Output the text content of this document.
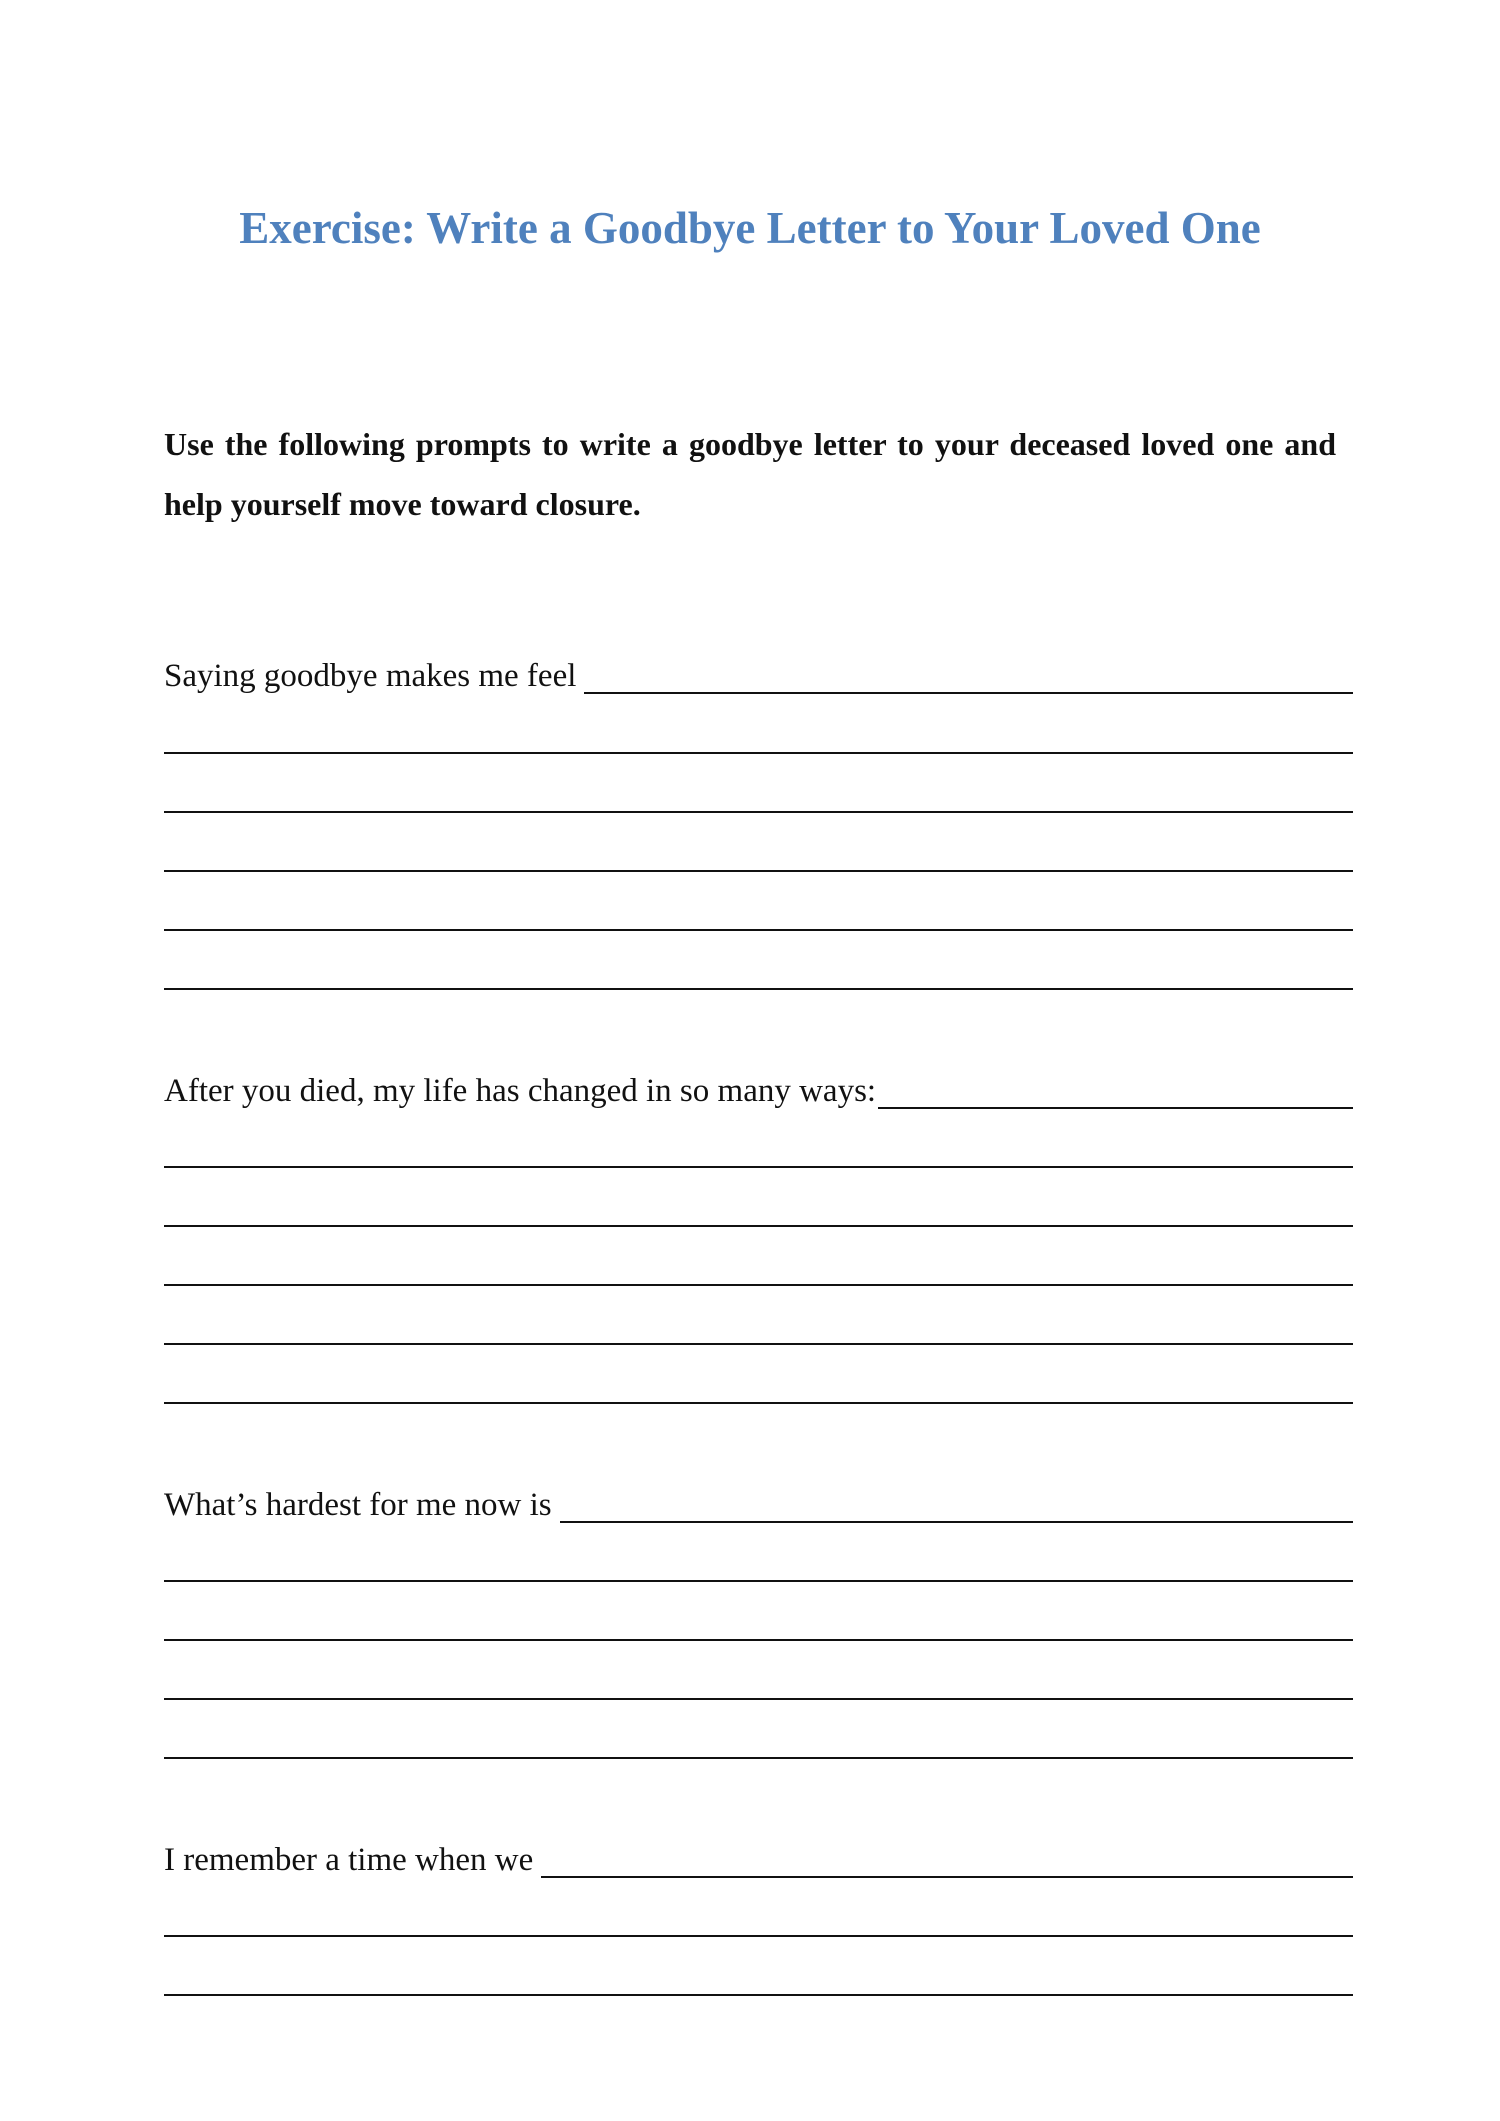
Exercise: Write a Goodbye Letter to Your Loved One

Use the following prompts to write a goodbye letter to your deceased loved one and help yourself move toward closure.

Saying goodbye makes me feel
After you died, my life has changed in so many ways:
What’s hardest for me now is
I remember a time when we
